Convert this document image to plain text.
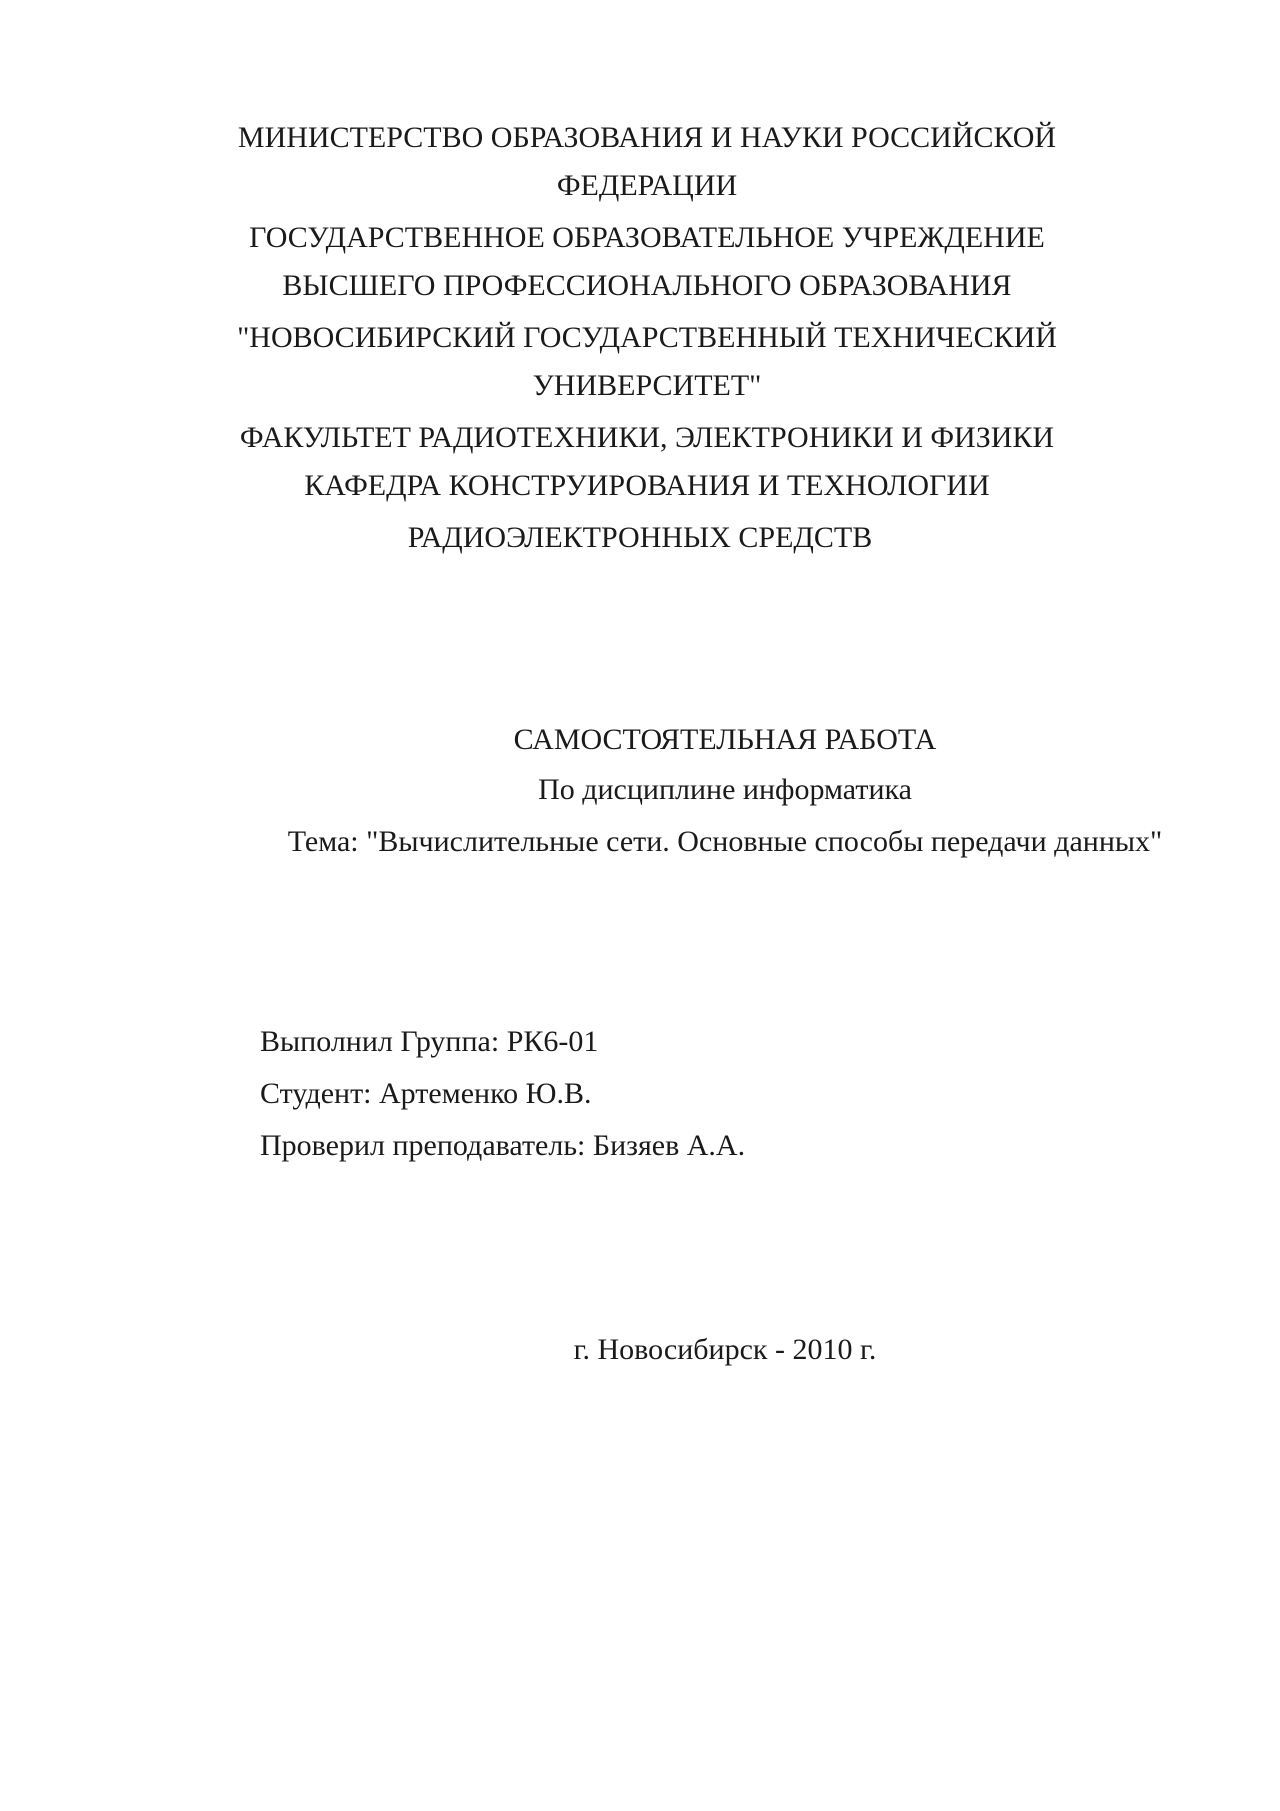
МИНИСТЕРСТВО ОБРАЗОВАНИЯ И НАУКИ РОССИЙСКОЙ
ФЕДЕРАЦИИ
ГОСУДАРСТВЕННОЕ ОБРАЗОВАТЕЛЬНОЕ УЧРЕЖДЕНИЕ
ВЫСШЕГО ПРОФЕССИОНАЛЬНОГО ОБРАЗОВАНИЯ
"НОВОСИБИРСКИЙ ГОСУДАРСТВЕННЫЙ ТЕХНИЧЕСКИЙ
УНИВЕРСИТЕТ"
ФАКУЛЬТЕТ РАДИОТЕХНИКИ, ЭЛЕКТРОНИКИ И ФИЗИКИ
КАФЕДРА КОНСТРУИРОВАНИЯ И ТЕХНОЛОГИИ
РАДИОЭЛЕКТРОННЫХ СРЕДСТВ
САМОСТОЯТЕЛЬНАЯ РАБОТА
По дисциплине информатика
Тема: "Вычислительные сети. Основные способы передачи данных"
Выполнил Группа: РК6-01
Студент: Артеменко Ю.В.
Проверил преподаватель: Бизяев А.А.
г. Новосибирск - 2010 г.
